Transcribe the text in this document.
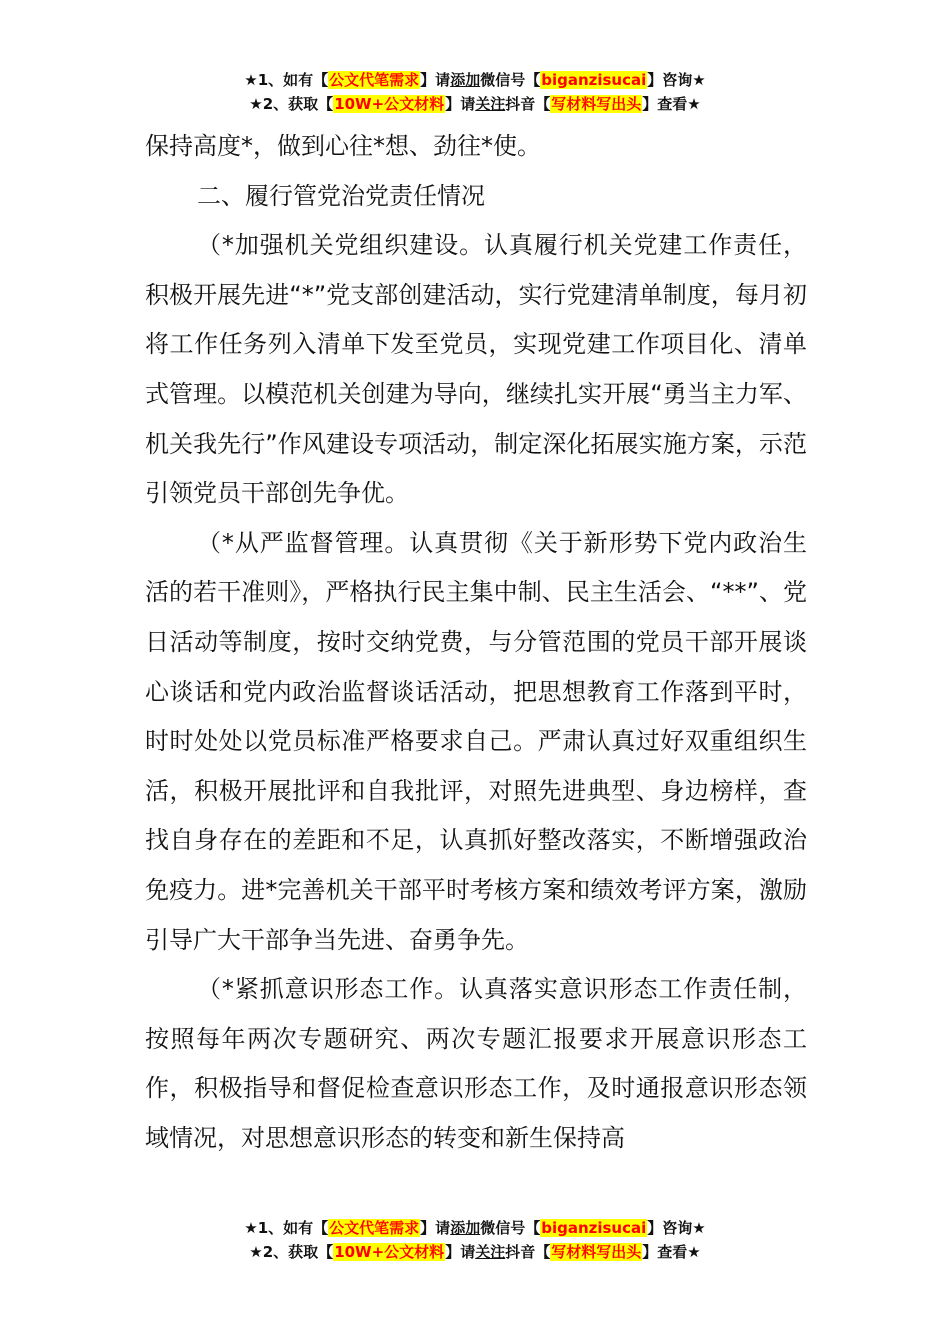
★1、如有【公文代笔需求】请添加微信号【biganzisucai】咨询★
★2、获取【10W+公文材料】请关注抖音【写材料写出头】查看★

保持高度*，做到心往*想、劲往*使。

二、履行管党治党责任情况

（*加强机关党组织建设。认真履行机关党建工作责任，积极开展先进“*”党支部创建活动，实行党建清单制度，每月初将工作任务列入清单下发至党员，实现党建工作项目化、清单式管理。以模范机关创建为导向，继续扎实开展“勇当主力军、机关我先行”作风建设专项活动，制定深化拓展实施方案，示范引领党员干部创先争优。

（*从严监督管理。认真贯彻《关于新形势下党内政治生活的若干准则》，严格执行民主集中制、民主生活会、“**”、党日活动等制度，按时交纳党费，与分管范围的党员干部开展谈心谈话和党内政治监督谈话活动，把思想教育工作落到平时，时时处处以党员标准严格要求自己。严肃认真过好双重组织生活，积极开展批评和自我批评，对照先进典型、身边榜样，查找自身存在的差距和不足，认真抓好整改落实，不断增强政治免疫力。进*完善机关干部平时考核方案和绩效考评方案，激励引导广大干部争当先进、奋勇争先。

（*紧抓意识形态工作。认真落实意识形态工作责任制，按照每年两次专题研究、两次专题汇报要求开展意识形态工作，积极指导和督促检查意识形态工作，及时通报意识形态领域情况，对思想意识形态的转变和新生保持高

★1、如有【公文代笔需求】请添加微信号【biganzisucai】咨询★
★2、获取【10W+公文材料】请关注抖音【写材料写出头】查看★
